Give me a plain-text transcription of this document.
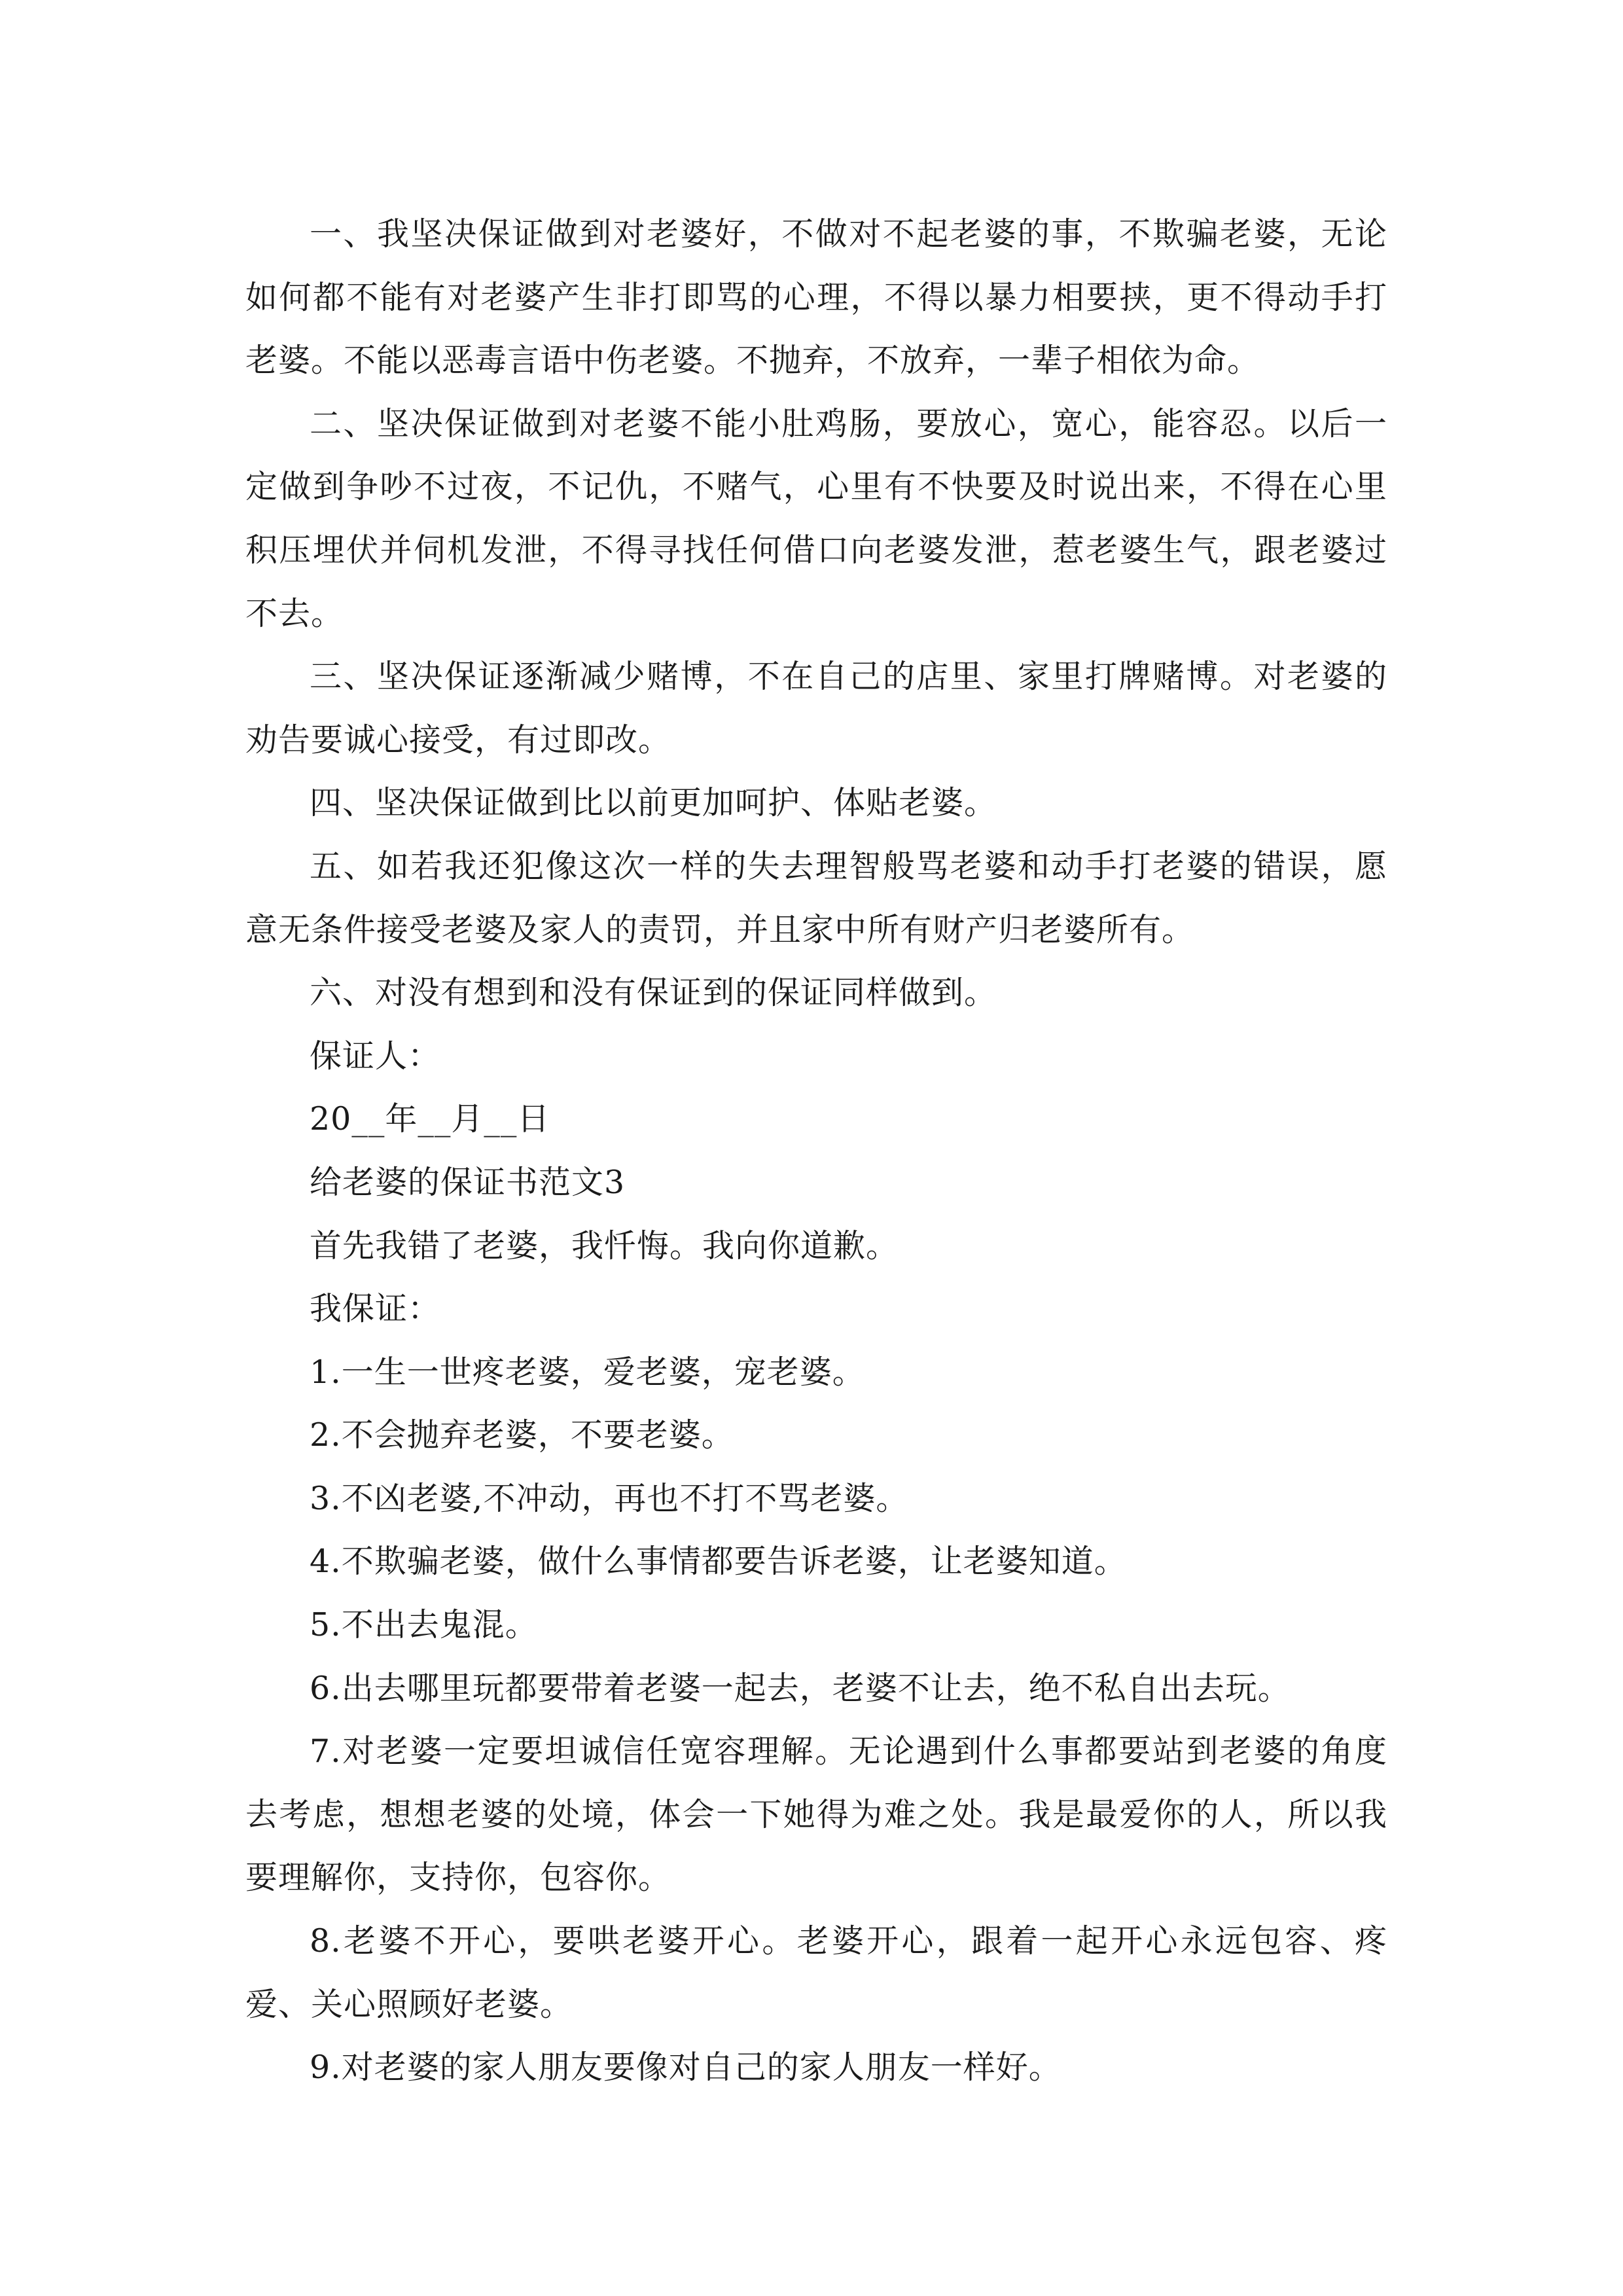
一、我坚决保证做到对老婆好，不做对不起老婆的事，不欺骗老婆，无论如何都不能有对老婆产生非打即骂的心理，不得以暴力相要挟，更不得动手打老婆。不能以恶毒言语中伤老婆。不抛弃，不放弃，一辈子相依为命。

二、坚决保证做到对老婆不能小肚鸡肠，要放心，宽心，能容忍。以后一定做到争吵不过夜，不记仇，不赌气，心里有不快要及时说出来，不得在心里积压埋伏并伺机发泄，不得寻找任何借口向老婆发泄，惹老婆生气，跟老婆过不去。

三、坚决保证逐渐减少赌博，不在自己的店里、家里打牌赌博。对老婆的劝告要诚心接受，有过即改。

四、坚决保证做到比以前更加呵护、体贴老婆。

五、如若我还犯像这次一样的失去理智般骂老婆和动手打老婆的错误，愿意无条件接受老婆及家人的责罚，并且家中所有财产归老婆所有。

六、对没有想到和没有保证到的保证同样做到。

保证人：

20__年__月__日

给老婆的保证书范文3

首先我错了老婆，我忏悔。我向你道歉。

我保证：

1.一生一世疼老婆，爱老婆，宠老婆。

2.不会抛弃老婆，不要老婆。

3.不凶老婆,不冲动，再也不打不骂老婆。

4.不欺骗老婆，做什么事情都要告诉老婆，让老婆知道。

5.不出去鬼混。

6.出去哪里玩都要带着老婆一起去，老婆不让去，绝不私自出去玩。

7.对老婆一定要坦诚信任宽容理解。无论遇到什么事都要站到老婆的角度去考虑，想想老婆的处境，体会一下她得为难之处。我是最爱你的人，所以我要理解你，支持你，包容你。

8.老婆不开心，要哄老婆开心。老婆开心，跟着一起开心永远包容、疼爱、关心照顾好老婆。

9.对老婆的家人朋友要像对自己的家人朋友一样好。
